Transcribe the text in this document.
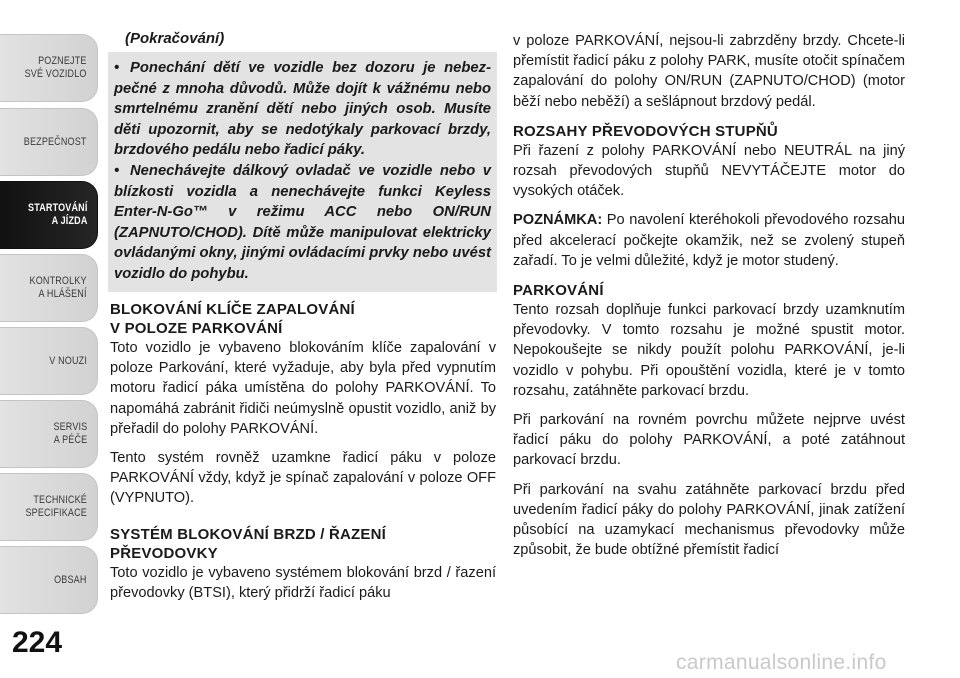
POZNEJTE
SVÉ VOZIDLO
BEZPEČNOST
STARTOVÁNÍ
A JÍZDA
KONTROLKY
A HLÁŠENÍ
V NOUZI
SERVIS
A PÉČE
TECHNICKÉ
SPECIFIKACE
OBSAH
224
(Pokračování)

• Ponechání dětí ve vozidle bez dozoru je nebezpečné z mnoha důvodů. Může dojít k vážnému nebo smrtelnému zranění dětí nebo jiných osob. Musíte děti upozornit, aby se nedotýkaly parkovací brzdy, brzdového pedálu nebo řadicí páky.

• Nenechávejte dálkový ovladač ve vozidle nebo v blízkosti vozidla a nenechávejte funkci Keyless Enter-N-Go™ v režimu ACC nebo ON/RUN (ZAPNUTO/CHOD). Dítě může manipulovat elektricky ovládanými okny, jinými ovládacími prvky nebo uvést vozidlo do pohybu.

BLOKOVÁNÍ KLÍČE ZAPALOVÁNÍ
V POLOZE PARKOVÁNÍ

Toto vozidlo je vybaveno blokováním klíče zapalování v poloze Parkování, které vyžaduje, aby byla před vypnutím motoru řadicí páka umístěna do polohy PARKOVÁNÍ. To napomáhá zabránit řidiči neúmyslně opustit vozidlo, aniž by přeřadil do polohy PARKOVÁNÍ.

Tento systém rovněž uzamkne řadicí páku v poloze PARKOVÁNÍ vždy, když je spínač zapalování v poloze OFF (VYPNUTO).

SYSTÉM BLOKOVÁNÍ BRZD / ŘAZENÍ
PŘEVODOVKY

Toto vozidlo je vybaveno systémem blokování brzd / řazení převodovky (BTSI), který přidrží řadicí páku

v poloze PARKOVÁNÍ, nejsou-li zabrzděny brzdy. Chcete-li přemístit řadicí páku z polohy PARK, musíte otočit spínačem zapalování do polohy ON/RUN (ZAPNUTO/CHOD) (motor běží nebo neběží) a sešlápnout brzdový pedál.

ROZSAHY PŘEVODOVÝCH STUPŇŮ

Při řazení z polohy PARKOVÁNÍ nebo NEUTRÁL na jiný rozsah převodových stupňů NEVYTÁČEJTE motor do vysokých otáček.

POZNÁMKA: Po navolení kteréhokoli převodového rozsahu před akcelerací počkejte okamžik, než se zvolený stupeň zařadí. To je velmi důležité, když je motor studený.

PARKOVÁNÍ

Tento rozsah doplňuje funkci parkovací brzdy uzamknutím převodovky. V tomto rozsahu je možné spustit motor. Nepokoušejte se nikdy použít polohu PARKOVÁNÍ, je-li vozidlo v pohybu. Při opouštění vozidla, které je v tomto rozsahu, zatáhněte parkovací brzdu.

Při parkování na rovném povrchu můžete nejprve uvést řadicí páku do polohy PARKOVÁNÍ, a poté zatáhnout parkovací brzdu.

Při parkování na svahu zatáhněte parkovací brzdu před uvedením řadicí páky do polohy PARKOVÁNÍ, jinak zatížení působící na uzamykací mechanismus převodovky může způsobit, že bude obtížné přemístit řadicí

carmanualsonline.info
